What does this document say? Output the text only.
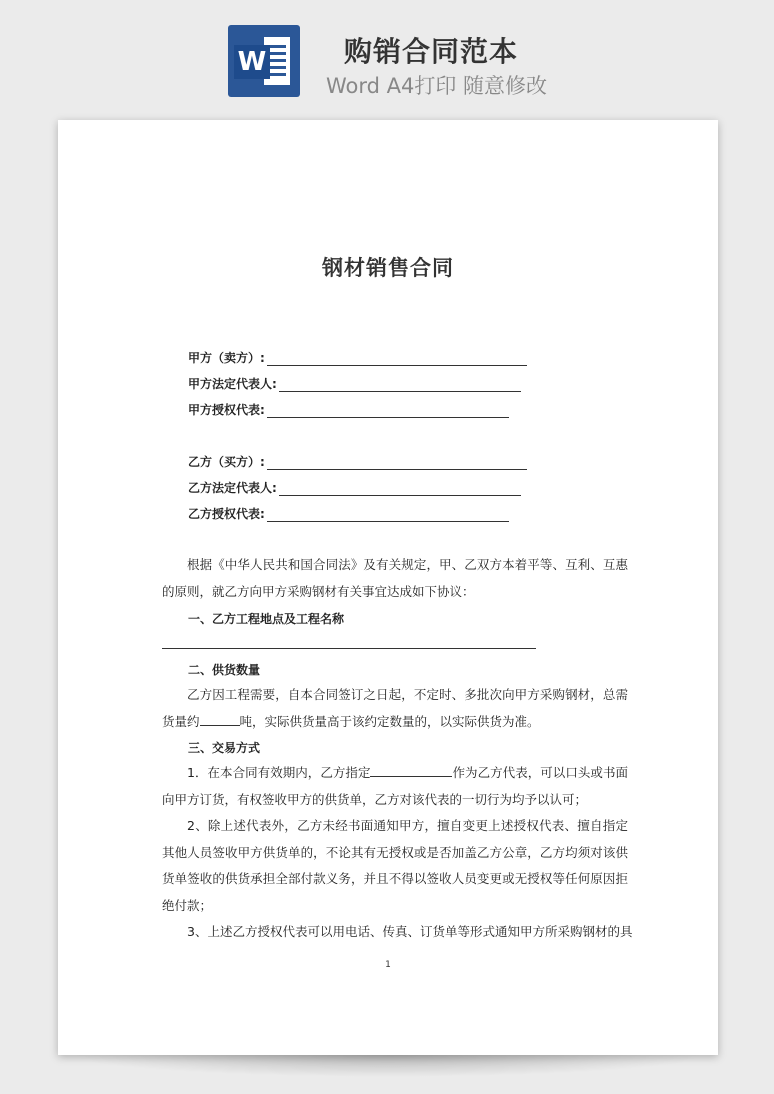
W	购销合同范本
Word A4打印 随意修改
钢材销售合同
甲方（卖方）:
甲方法定代表人:
甲方授权代表:
乙方（买方）:
乙方法定代表人:
乙方授权代表:

根据《中华人民共和国合同法》及有关规定，甲、乙双方本着平等、互利、互惠的原则，就乙方向甲方采购钢材有关事宜达成如下协议：

一、乙方工程地点及工程名称
二、供货数量

乙方因工程需要，自本合同签订之日起，不定时、多批次向甲方采购钢材，总需货量约	吨，实际供货量高于该约定数量的，以实际供货为准。

三、交易方式

1．在本合同有效期内，乙方指定	作为乙方代表，可以口头或书面向甲方订货，有权签收甲方的供货单，乙方对该代表的一切行为均予以认可；

2、除上述代表外，乙方未经书面通知甲方，擅自变更上述授权代表、擅自指定其他人员签收甲方供货单的，不论其有无授权或是否加盖乙方公章，乙方均须对该供货单签收的供货承担全部付款义务，并且不得以签收人员变更或无授权等任何原因拒绝付款；

3、上述乙方授权代表可以用电话、传真、订货单等形式通知甲方所采购钢材的具

1
